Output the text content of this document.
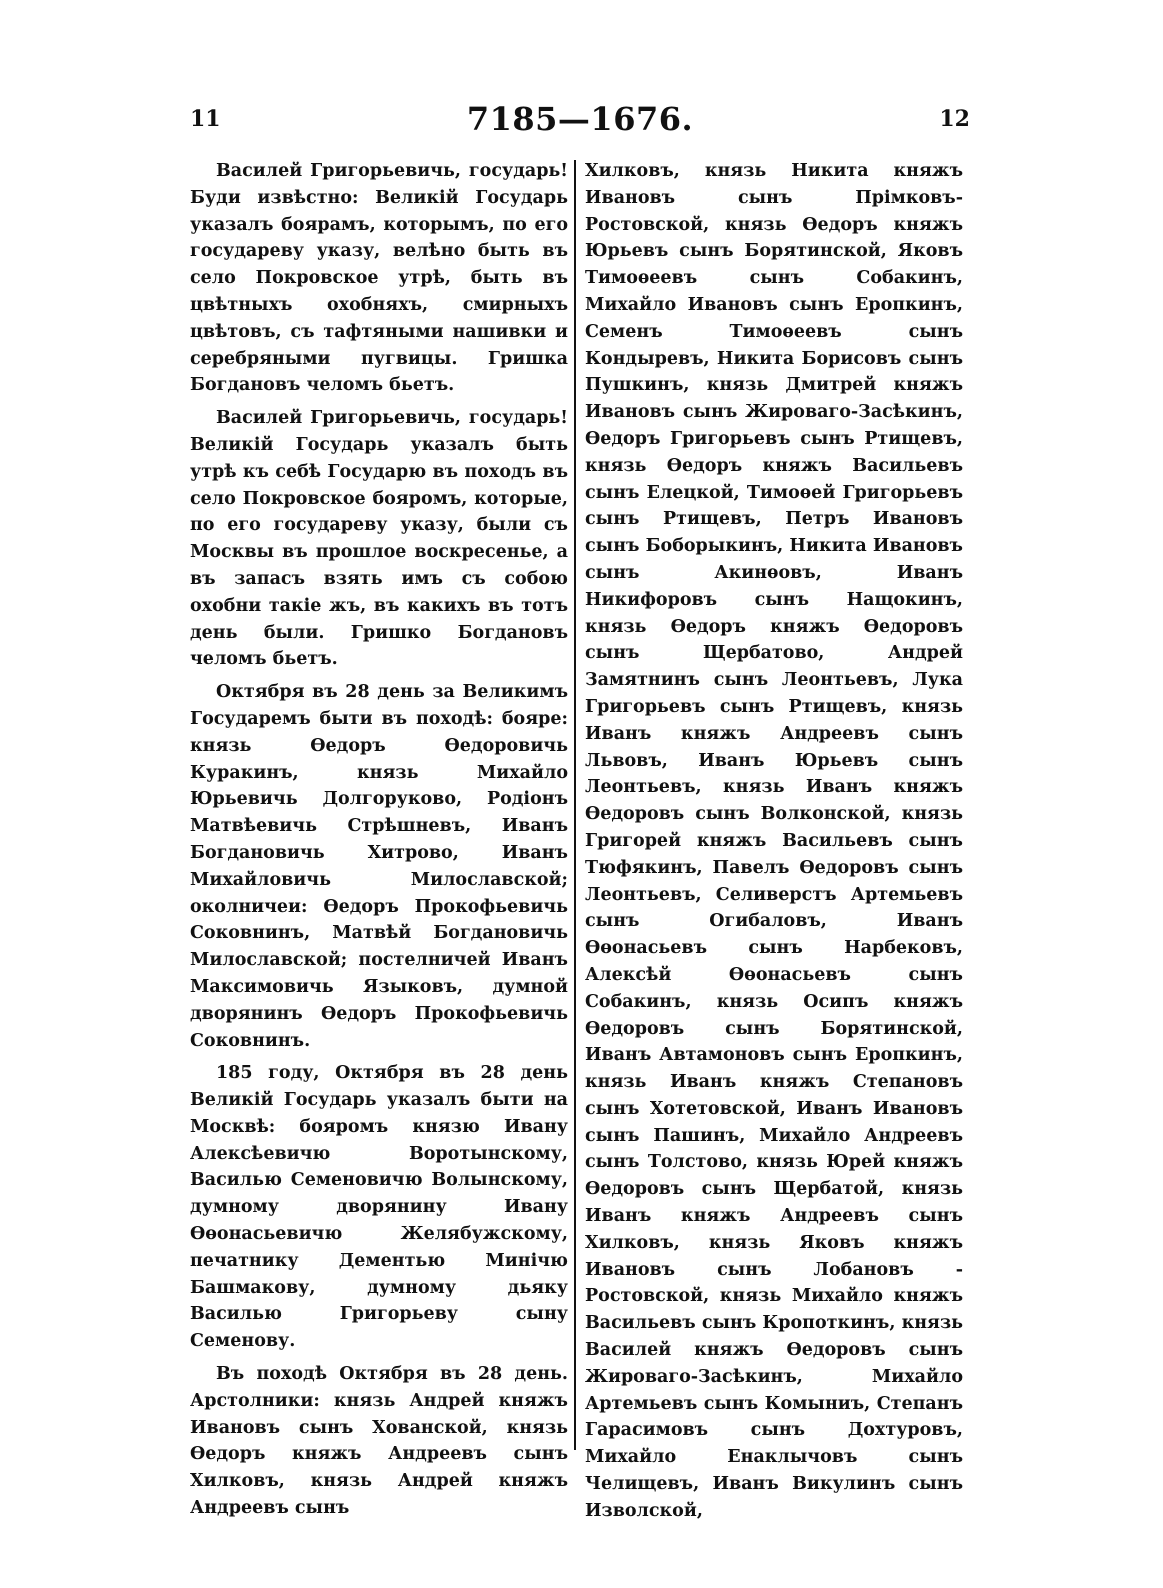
11	7185—1676.	12

Василей Григорьевичь, государь! Буди извѣстно: Великій Государь указалъ боярамъ, которымъ, по его государеву указу, велѣно быть въ село Покровское утрѣ, быть въ цвѣтныхъ охобняхъ, смирныхъ цвѣтовъ, съ тафтяными нашивки и серебряными пугвицы. Гришка Богдановъ челомъ бьетъ.

Василей Григорьевичь, государь! Великій Государь указалъ быть утрѣ къ себѣ Государю въ походъ въ село Покровское бояромъ, которые, по его государеву указу, были съ Москвы въ прошлое воскресенье, а въ запасъ взять имъ съ собою охобни такіе жъ, въ какихъ въ тотъ день были. Гришко Богдановъ челомъ бьетъ.

Октября въ 28 день за Великимъ Государемъ быти въ походѣ: бояре: князь Өедоръ Өедоровичь Куракинъ, князь Михайло Юрьевичь Долгоруково, Родіонъ Матвѣевичь Стрѣшневъ, Иванъ Богдановичь Хитрово, Иванъ Михайловичь Милославской; околничеи: Өедоръ Прокофьевичь Соковнинъ, Матвѣй Богдановичь Милославской; постелничей Иванъ Максимовичь Языковъ, думной дворянинъ Өедоръ Прокофьевичь Соковнинъ.

185 году, Октября въ 28 день Великій Государь указалъ быти на Москвѣ: бояромъ князю Ивану Алексѣевичю Воротынскому, Василью Семеновичю Волынскому, думному дворянину Ивану Өөонасьевичю Желябужскому, печатнику Дементью Минічю Башмакову, думному дьяку Василью Григорьеву сыну Семенову.

Въ походѣ Октября въ 28 день. Арстолники: князь Андрей княжъ Ивановъ сынъ Хованской, князь Өедоръ княжъ Андреевъ сынъ Хилковъ, князь Андрей княжъ Андреевъ сынъ

Хилковъ, князь Никита княжъ Ивановъ сынъ Прімковъ-Ростовской, князь Өедоръ княжъ Юрьевъ сынъ Борятинской, Яковъ Тимоѳеевъ сынъ Собакинъ, Михайло Ивановъ сынъ Еропкинъ, Семенъ Тимоѳеевъ сынъ Кондыревъ, Никита Борисовъ сынъ Пушкинъ, князь Дмитрей княжъ Ивановъ сынъ Жироваго-Засѣкинъ, Өедоръ Григорьевъ сынъ Ртищевъ, князь Өедоръ княжъ Васильевъ сынъ Елецкой, Тимоѳей Григорьевъ сынъ Ртищевъ, Петръ Ивановъ сынъ Боборыкинъ, Никита Ивановъ сынъ Акинѳовъ, Иванъ Никифоровъ сынъ Нащокинъ, князь Өедоръ княжъ Өедоровъ сынъ Щербатово, Андрей Замятнинъ сынъ Леонтьевъ, Лука Григорьевъ сынъ Ртищевъ, князь Иванъ княжъ Андреевъ сынъ Львовъ, Иванъ Юрьевъ сынъ Леонтьевъ, князь Иванъ княжъ Өедоровъ сынъ Волконской, князь Григорей княжъ Васильевъ сынъ Тюфякинъ, Павелъ Өедоровъ сынъ Леонтьевъ, Селиверстъ Артемьевъ сынъ Огибаловъ, Иванъ Өөонасьевъ сынъ Нарбековъ, Алексѣй Өөонасьевъ сынъ Собакинъ, князь Осипъ княжъ Өедоровъ сынъ Борятинской, Иванъ Автамоновъ сынъ Еропкинъ, князь Иванъ княжъ Степановъ сынъ Хотетовской, Иванъ Ивановъ сынъ Пашинъ, Михайло Андреевъ сынъ Толстово, князь Юрей княжъ Өедоровъ сынъ Щербатой, князь Иванъ княжъ Андреевъ сынъ Хилковъ, князь Яковъ княжъ Ивановъ сынъ Лобановъ - Ростовской, князь Михайло княжъ Васильевъ сынъ Кропоткинъ, князь Василей княжъ Өедоровъ сынъ Жироваго-Засѣкинъ, Михайло Артемьевъ сынъ Комыниъ, Степанъ Гарасимовъ сынъ Дохтуровъ, Михайло Енаклычовъ сынъ Челищевъ, Иванъ Викулинъ сынъ Изволской,
